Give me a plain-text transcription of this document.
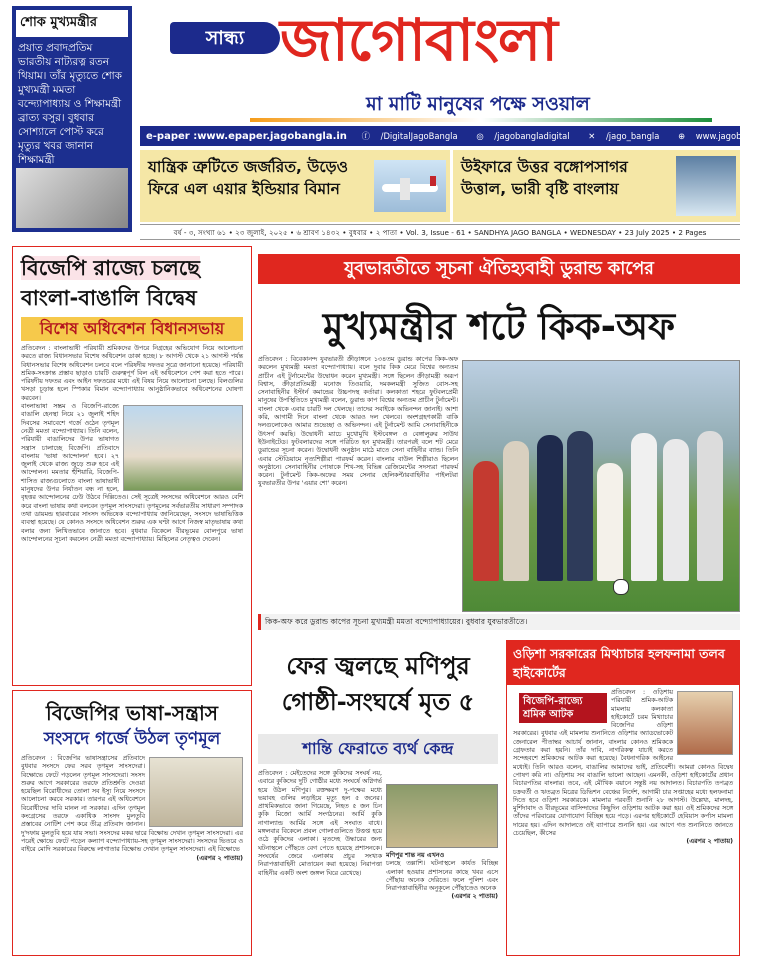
শোক মুখ্যমন্ত্রীর
প্রয়াত প্রবাদপ্রতিম ভারতীয় নাট্যরত্ন রতন থিয়াম। তাঁর মৃত্যুতে শোক মুখ্যমন্ত্রী মমতা বন্দ্যোপাধ্যায় ও শিক্ষামন্ত্রী ব্রাত্য বসুর। বুধবার সোশ্যালে পোস্ট করে মৃত্যুর খবর জানান শিক্ষামন্ত্রী
সান্ধ্য জাগোবাংলা
মা মাটি মানুষের পক্ষে সওয়াল
e-paper :www.epaper.jagobangla.in ⓕ /DigitalJagoBangla ◎ /jagobangladigital ✕ /jago_bangla ⊕ www.jagobangla.in
যান্ত্রিক ত্রুটিতে জর্জরিত, উড়েও ফিরে এল এয়ার ইন্ডিয়ার বিমান
উইফারে উত্তর বঙ্গোপসাগর উত্তাল, ভারী বৃষ্টি বাংলায়
বর্ষ - ৩, সংখ্যা ৬১ • ২৩ জুলাই, ২০২৫ • ৬ শ্রাবণ ১৪৩২ • বুধবার • ২ পাতা • Vol. 3, Issue - 61 • SANDHYA JAGO BANGLA • WEDNESDAY • 23 July 2025 • 2 Pages
বিজেপি রাজ্যে চলছে
বাংলা-বাঙালি বিদ্বেষ
বিশেষ অধিবেশন বিধানসভায়
প্রতিবেদন : বাংলাভাষী পরিযায়ী শ্রমিকদের উপরে নিগ্রহের অভিযোগ নিয়ে আলোচনা করতে রাজ্য বিধানসভার বিশেষ অধিবেশন ডাকা হচ্ছে। ৮ আগস্ট থেকে ২১ আগস্ট পর্যন্ত বিধানসভার বিশেষ অধিবেশন চলবে বলে পরিষদীয় দফতর সূত্রে জানানো হয়েছে। পরিযায়ী শ্রমিক-সংক্রান্ত প্রস্তাব ছাড়াও চারটি গুরুত্বপূর্ণ বিল এই অধিবেশনে পেশ করা হতে পারে। পরিষদীয় দফতর এবং আইন দফতরের মধ্যে এই বিষয় নিয়ে আলোচনা চলছে। বিলগুলির খসড়া চূড়ান্ত হলে স্পিকার বিমান বন্দ্যোপাধ্যায় আনুষ্ঠানিকভাবে অধিবেশনের ঘোষণা করবেন।
বাংলাভাষা সম্ভ্রম ও বিজেপি-রাজ্যে বাঙালি হেনস্থা নিয়ে ২১ জুলাই শহিদ দিবসের সমাবেশে গর্জে ওঠেন তৃণমূল নেত্রী মমতা বন্দ্যোপাধ্যায়। তিনি বলেন, পরিযায়ী বাঙালিদের উপর ভাষাগত সন্ত্রাস চালাচ্ছে বিজেপি। প্রতিবাদে বাংলায় 'ভাষা আন্দোলন' হবে। ২৭ জুলাই থেকে রাজ্য জুড়ে শুরু হবে এই আন্দোলন। মমতার হুঁশিয়ারি, বিজেপি-শাসিত রাজ্যগুলোতে বাংলা ভাষাভাষী মানুষদের উপর নির্যাতন বন্ধ না হলে, বৃহত্তর আন্দোলনের ঢেউ উঠবে দিল্লিতেও। সেই সূত্রেই সংসদের অধিবেশনে আরও বেশি করে বাংলা ভাষায় কথা বলবেন তৃণমূল সাংসদেরা। তৃণমূলের সর্বভারতীয় সাধারণ সম্পাদক তথা ডায়মন্ড হারবারের সাংসদ অভিষেক বন্দ্যোপাধ্যায় জানিয়েছেন, সংসদে ভাষাভিত্তিক ব্যবস্থা হয়েছে। যে কোনও সংসদে অধিবেশন শুরুর এক ঘণ্টা আগে নিজস্ব মাতৃভাষায় কথা বলার জন্য লিখিতভাবে জানাতে হবে। বুধবার বিকেলে বীরভূমের বোলপুরে ভাষা আন্দোলনের সূচনা করলেন নেত্রী মমতা বন্দ্যোপাধ্যায়। মিছিলের নেতৃত্বও দেবেন।
বিজেপির ভাষা-সন্ত্রাস
সংসদে গর্জে উঠল তৃণমূল
প্রতিবেদন : বিজেপির ভাষাসন্ত্রাসের প্রতিবাদে বুধবার সংসদে ফের সরব তৃণমূল সাংসদেরা। বিক্ষোভে ফেটে পড়লেন তৃণমূল সাংসদেরা। সংসদ শুরুর আগে সরকারের তরফে প্রতিশ্রুতি দেওয়া হয়েছিল বিরোধীদের তোলা সব ইস্যু নিয়ে সংসদে আলোচনা করবে সরকার। তারপর এই অধিবেশনে বিরোধীদের দাবি মানল না সরকার। এদিন তৃণমূল কংগ্রেসের তরফে একাধিক সাংসদ মুলতুবি প্রস্তাবের নোটিশ পেশ করে তীব্র প্রতিবাদ জানান। দু'দফায় মুলতুবি হয়ে যায় সভা। সংসদের মকর দ্বারে বিক্ষোভ দেখান তৃণমূল সাংসদেরা। এর পরেই ক্ষোভে ফেটে পড়েন কল্যাণ বন্দ্যোপাধ্যায়-সহ তৃণমূল সাংসদেরা। সংসদের ভিতরে ও বাইরে মোদি সরকারের বিরুদ্ধে লাগাতার বিক্ষোভ দেখান তৃণমূল সাংসদেরা। এই বিক্ষোভে
(এরপর ২ পাতায়)
যুবভারতীতে সূচনা ঐতিহ্যবাহী ডুরান্ড কাপের
মুখ্যমন্ত্রীর শটে কিক-অফ
প্রতিবেদন : বিবেকানন্দ যুবভারতী ক্রীড়াঙ্গনে ১৩৪তম ডুরান্ড কাপের কিক-অফ করলেন মুখ্যমন্ত্রী মমতা বন্দ্যোপাধ্যায়। বলে দুবার কিক মেরে বিশ্বের অন্যতম প্রাচীন এই টুর্নামেন্টের উদ্বোধন করেন মুখ্যমন্ত্রী। সঙ্গে ছিলেন ক্রীড়ামন্ত্রী অরূপ বিশ্বাস, ক্রীড়াপ্রতিমন্ত্রী মনোজ তিওয়ারি, দমকলমন্ত্রী সুজিত বোস-সহ সেনাবাহিনীর ইস্টার্ন কমান্ডের উচ্চপদস্থ কর্তারা। কলকাতা শহরে ফুটবলপ্রেমী মানুষের উপস্থিতিতে মুখ্যমন্ত্রী বলেন, ডুরান্ড কাপ বিশ্বের অন্যতম প্রাচীন টুর্নামেন্ট। বাংলা থেকে এবার চারটি দল খেলছে। তাদের সবাইকে অভিনন্দন জানাই। আশা করি, আগামী দিনে বাংলা থেকে আরও দল খেলবে। অংশগ্রহণকারী বাকি দলগুলোকেও আমার শুভেচ্ছা ও অভিনন্দন। এই টুর্নামেন্ট আমি সেনাবাহিনীকে উৎসর্গ করছি। উদ্বোধনী ম্যাচে মুখোমুখি ইস্টবেঙ্গল ও বেঙ্গালুরুর সাউথ ইউনাইটেড। ফুটবলারদের সঙ্গে পরিচিত হন মুখ্যমন্ত্রী। তারপরই বলে শট মেরে ডুরান্ডের সূচনা করেন। উদ্বোধনী অনুষ্ঠান মাঠে মাতে সেনা বাহিনীর ব্যান্ড। তিনি এবার স্টেডিয়ামে নৃত্যশিল্পীরা পারফর্ম করেন। বাংলার বাউল শিল্পীরাও ছিলেন অনুষ্ঠানে। সেনাবাহিনীর পোষাকে শিখ-সহ বিভিন্ন রেজিমেন্টের সদস্যরা পারফর্ম করেন। টুর্নামেন্ট কিক-অফের সময় সেনার হেলিকপ্টারবাহিনীর পাইলটরা যুবভারতীর উপর 'এয়ার শো' করেন।
কিক-অফ করে ডুরান্ড কাপের সূচনা মুখ্যমন্ত্রী মমতা বন্দ্যোপাধ্যায়ের। বুধবার যুবভারতীতে।
ফের জ্বলছে মণিপুর
গোষ্ঠী-সংঘর্ষে মৃত ৫
শান্তি ফেরাতে ব্যর্থ কেন্দ্র
প্রতিবেদন : মেইতেদের সঙ্গে কুকিদের সংঘর্ষ নয়, এবারে কুকিদের দুটি গোষ্ঠীর মধ্যে সংঘর্ষে অগ্নিগর্ভ হয়ে উঠল মণিপুর। রক্তক্ষরণ দু-পক্ষের মধ্যে ভয়াবহ গুলির লড়াইয়ে মৃত্যু হল ৫ জনের। প্রাথমিকভাবে জানা গিয়েছে, নিহত ৫ জন চিন কুকি মিজো আর্মি সংগঠনের। আর্মি কুকি নাগাল্যান্ড আর্মির সঙ্গে এই সংঘাত বাধে। মঙ্গলবার বিকেলে প্রবল গোলাগুলিতে উত্তপ্ত হয়ে ওঠে কুকিদের এলাকা। মৃতদেহ উদ্ধারের জন্য ঘটনাস্থলে পৌঁছতে বেগ পেতে হয়েছে প্রশাসনকে। সংঘর্ষের জেরে এলাকায় প্রচুর সংখ্যক নিরাপত্তাবাহিনী মোতায়েন করা হয়েছে। নিরাপত্তা বাহিনীর একটি অংশ জঙ্গল ঘিরে রেখেছে।
মণিপুর শান্ত নয় এখনও
চলছে তল্লাশি। ঘটনাস্থলে কার্যত বিচ্ছিন্ন এলাকা হওয়ায় প্রশাসনের কাছে খবর এসে পৌঁছায় অনেক দেরিতে। ফলে পুলিশ এবং নিরাপত্তাবাহিনীর অনুকূলে পৌঁছাতেও অনেক
(এরপর ২ পাতায়)
ওড়িশা সরকারের মিথ্যাচার হলফনামা তলব হাইকোর্টের
বিজেপি-রাজ্যে শ্রমিক আটক
প্রতিবেদন : ওড়িশায় পরিযায়ী শ্রমিক-আটক মামলায় কলকাতা হাইকোর্টে চরম মিথ্যাচার বিজেপির ওড়িশা সরকারের। বুধবার এই মামলায় শুনানিতে ওড়িশার অ্যাডভোকেট জেনারেল পীতাম্বর আচার্য জানান, বাংলার কোনও শ্রমিককে গ্রেফতার করা হয়নি। তাঁর দাবি, নাগরিকত্ব যাচাই করতে সন্দেহবশে শ্রমিকদের আটক করা হয়েছে। বৈধনাগরিক আইনের মধ্যেই। তিনি আরও বলেন, বাঙালির আমাদের ভাই, প্রতিবেশী। আমরা কোনও বিদ্বেষ পোষণ করি না। ওড়িশায় সব বাঙালি ভালো আছেন। এমনকী, ওড়িশা হাইকোর্টের প্রধান বিচারপতির বাংলার। তবে, এই মৌখিক বয়ানে সন্তুষ্ট নয় আদালত। বিচারপতি তপব্রত চক্রবর্তী ও ঋতব্রত মিত্রের ডিভিশন বেঞ্চের নির্দেশ, আগামী চার সপ্তাহের মধ্যে হলফনামা দিতে হবে ওড়িশা সরকারকে। মামলার পরবর্তী শুনানি ২৮ আগস্ট। উল্লেখ্য, মালদহ, মুর্শিদাবাদ ও বীরভূমের বাসিন্দাদের কিছুদিন ওড়িশায় আটক করা হয়। ওই শ্রমিকদের সঙ্গে তাঁদের পরিবারের যোগাযোগ বিচ্ছিন্ন হয়ে পড়ে। এরপর হাইকোর্টে হেবিয়াস কর্পাস মামলা দায়ের হয়। এদিন আদালতে ওই ব্যাপারে শুনানি হয়। এর আগে গত শুনানিতে জানতে চেয়েছিল, কীসের
(এরপর ২ পাতায়)
